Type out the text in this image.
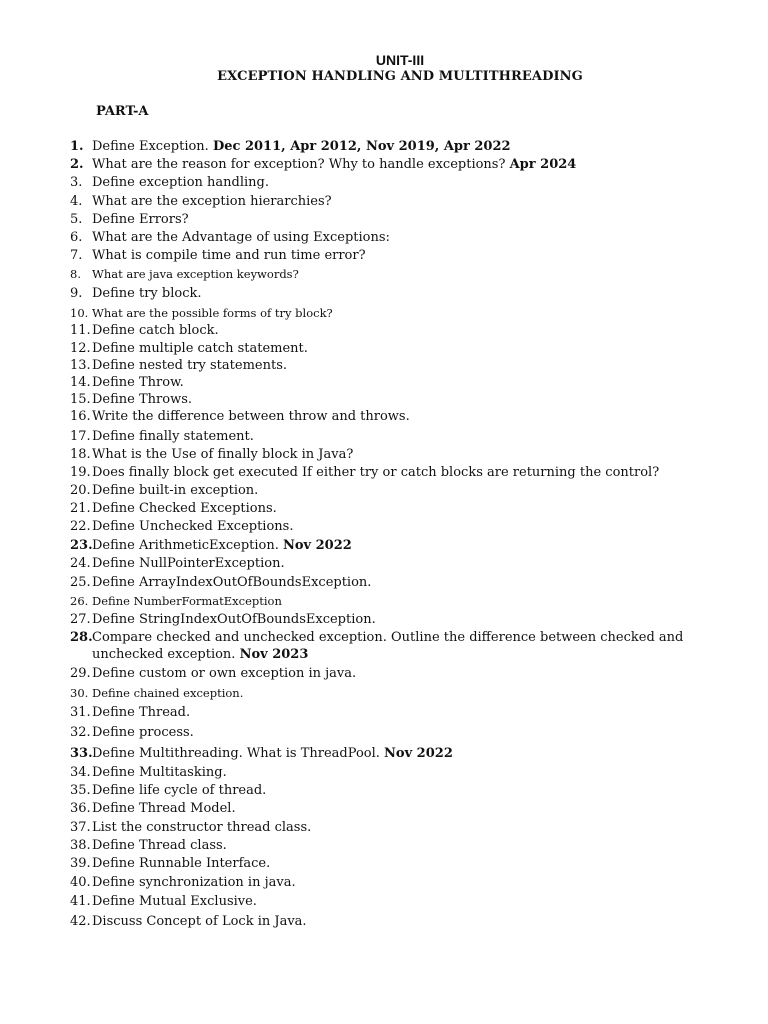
UNIT-III
EXCEPTION HANDLING AND MULTITHREADING
PART-A
1. Define Exception. Dec 2011, Apr 2012, Nov 2019, Apr 2022
2. What are the reason for exception? Why to handle exceptions? Apr 2024
3. Define exception handling.
4. What are the exception hierarchies?
5. Define Errors?
6. What are the Advantage of using Exceptions:
7. What is compile time and run time error?
8. What are java exception keywords?
9. Define try block.
10. What are the possible forms of try block?
11.Define catch block.
12.Define multiple catch statement.
13.Define nested try statements.
14.Define Throw.
15.Define Throws.
16.Write the difference between throw and throws.
17.Define finally statement.
18.What is the Use of finally block in Java?
19.Does finally block get executed If either try or catch blocks are returning the control?
20.Define built-in exception.
21.Define Checked Exceptions.
22.Define Unchecked Exceptions.
23.Define ArithmeticException. Nov 2022
24.Define NullPointerException.
25.Define ArrayIndexOutOfBoundsException.
26. Define NumberFormatException
27.Define StringIndexOutOfBoundsException.
28. Compare checked and unchecked exception. Outline the difference between checked and unchecked exception. Nov 2023
29.Define custom or own exception in java.
30. Define chained exception.
31.Define Thread.
32.Define process.
33.Define Multithreading. What is ThreadPool. Nov 2022
34.Define Multitasking.
35.Define life cycle of thread.
36.Define Thread Model.
37.List the constructor thread class.
38.Define Thread class.
39.Define Runnable Interface.
40.Define synchronization in java.
41.Define Mutual Exclusive.
42.Discuss Concept of Lock in Java.
